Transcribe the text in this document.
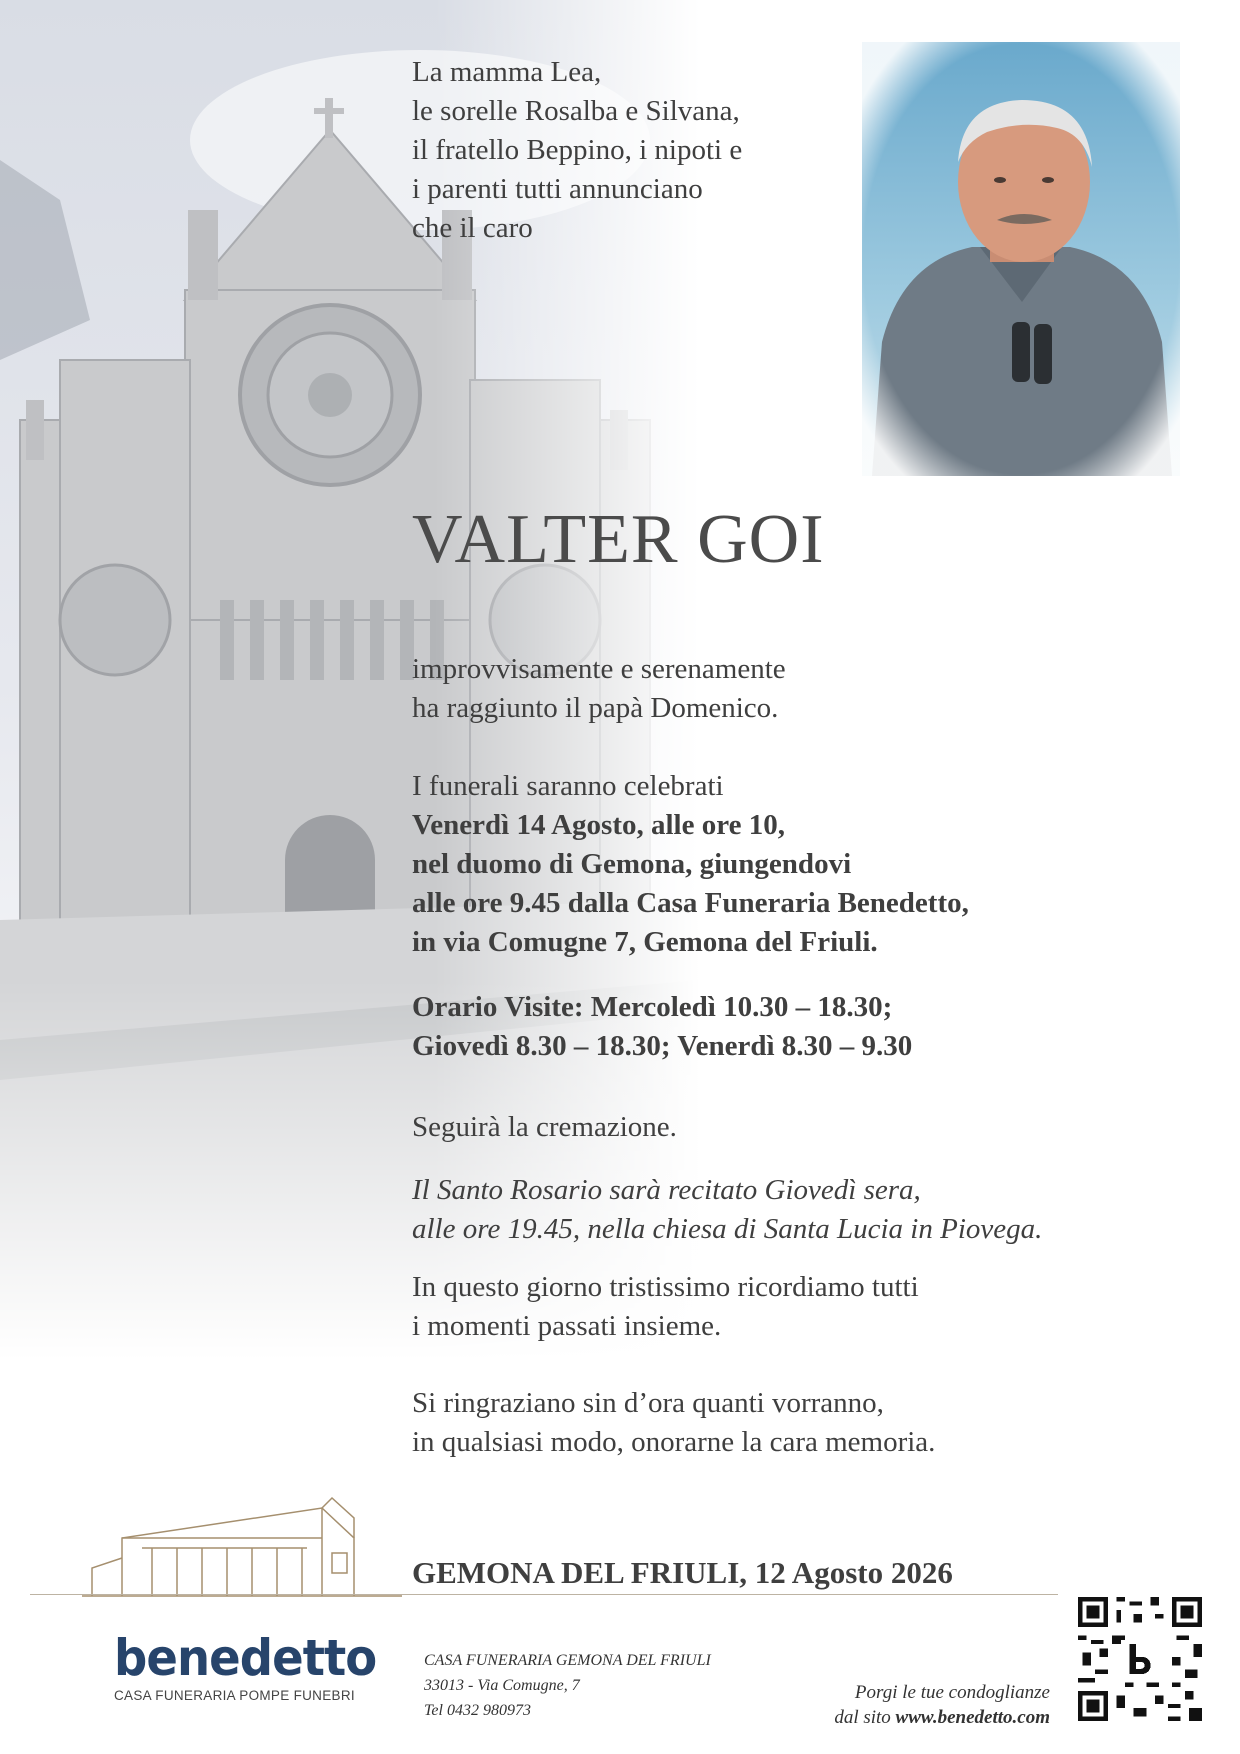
La mamma Lea,
le sorelle Rosalba e Silvana,
il fratello Beppino, i nipoti e
i parenti tutti annunciano
che il caro

VALTER GOI

improvvisamente e serenamente
ha raggiunto il papà Domenico.

I funerali saranno celebrati
Venerdì 14 Agosto, alle ore 10,
nel duomo di Gemona, giungendovi
alle ore 9.45 dalla Casa Funeraria Benedetto,
in via Comugne 7, Gemona del Friuli.

Orario Visite: Mercoledì 10.30 – 18.30;
Giovedì 8.30 – 18.30; Venerdì 8.30 – 9.30

Seguirà la cremazione.

Il Santo Rosario sarà recitato Giovedì sera,
alle ore 19.45, nella chiesa di Santa Lucia in Piovega.

In questo giorno tristissimo ricordiamo tutti
i momenti passati insieme.

Si ringraziano sin d’ora quanti vorranno,
in qualsiasi modo, onorarne la cara memoria.

GEMONA DEL FRIULI, 12 Agosto 2026
benedetto
CASA FUNERARIA POMPE FUNEBRI
CASA FUNERARIA GEMONA DEL FRIULI
33013 - Via Comugne, 7
Tel 0432 980973
Porgi le tue condoglianze
dal sito www.benedetto.com
